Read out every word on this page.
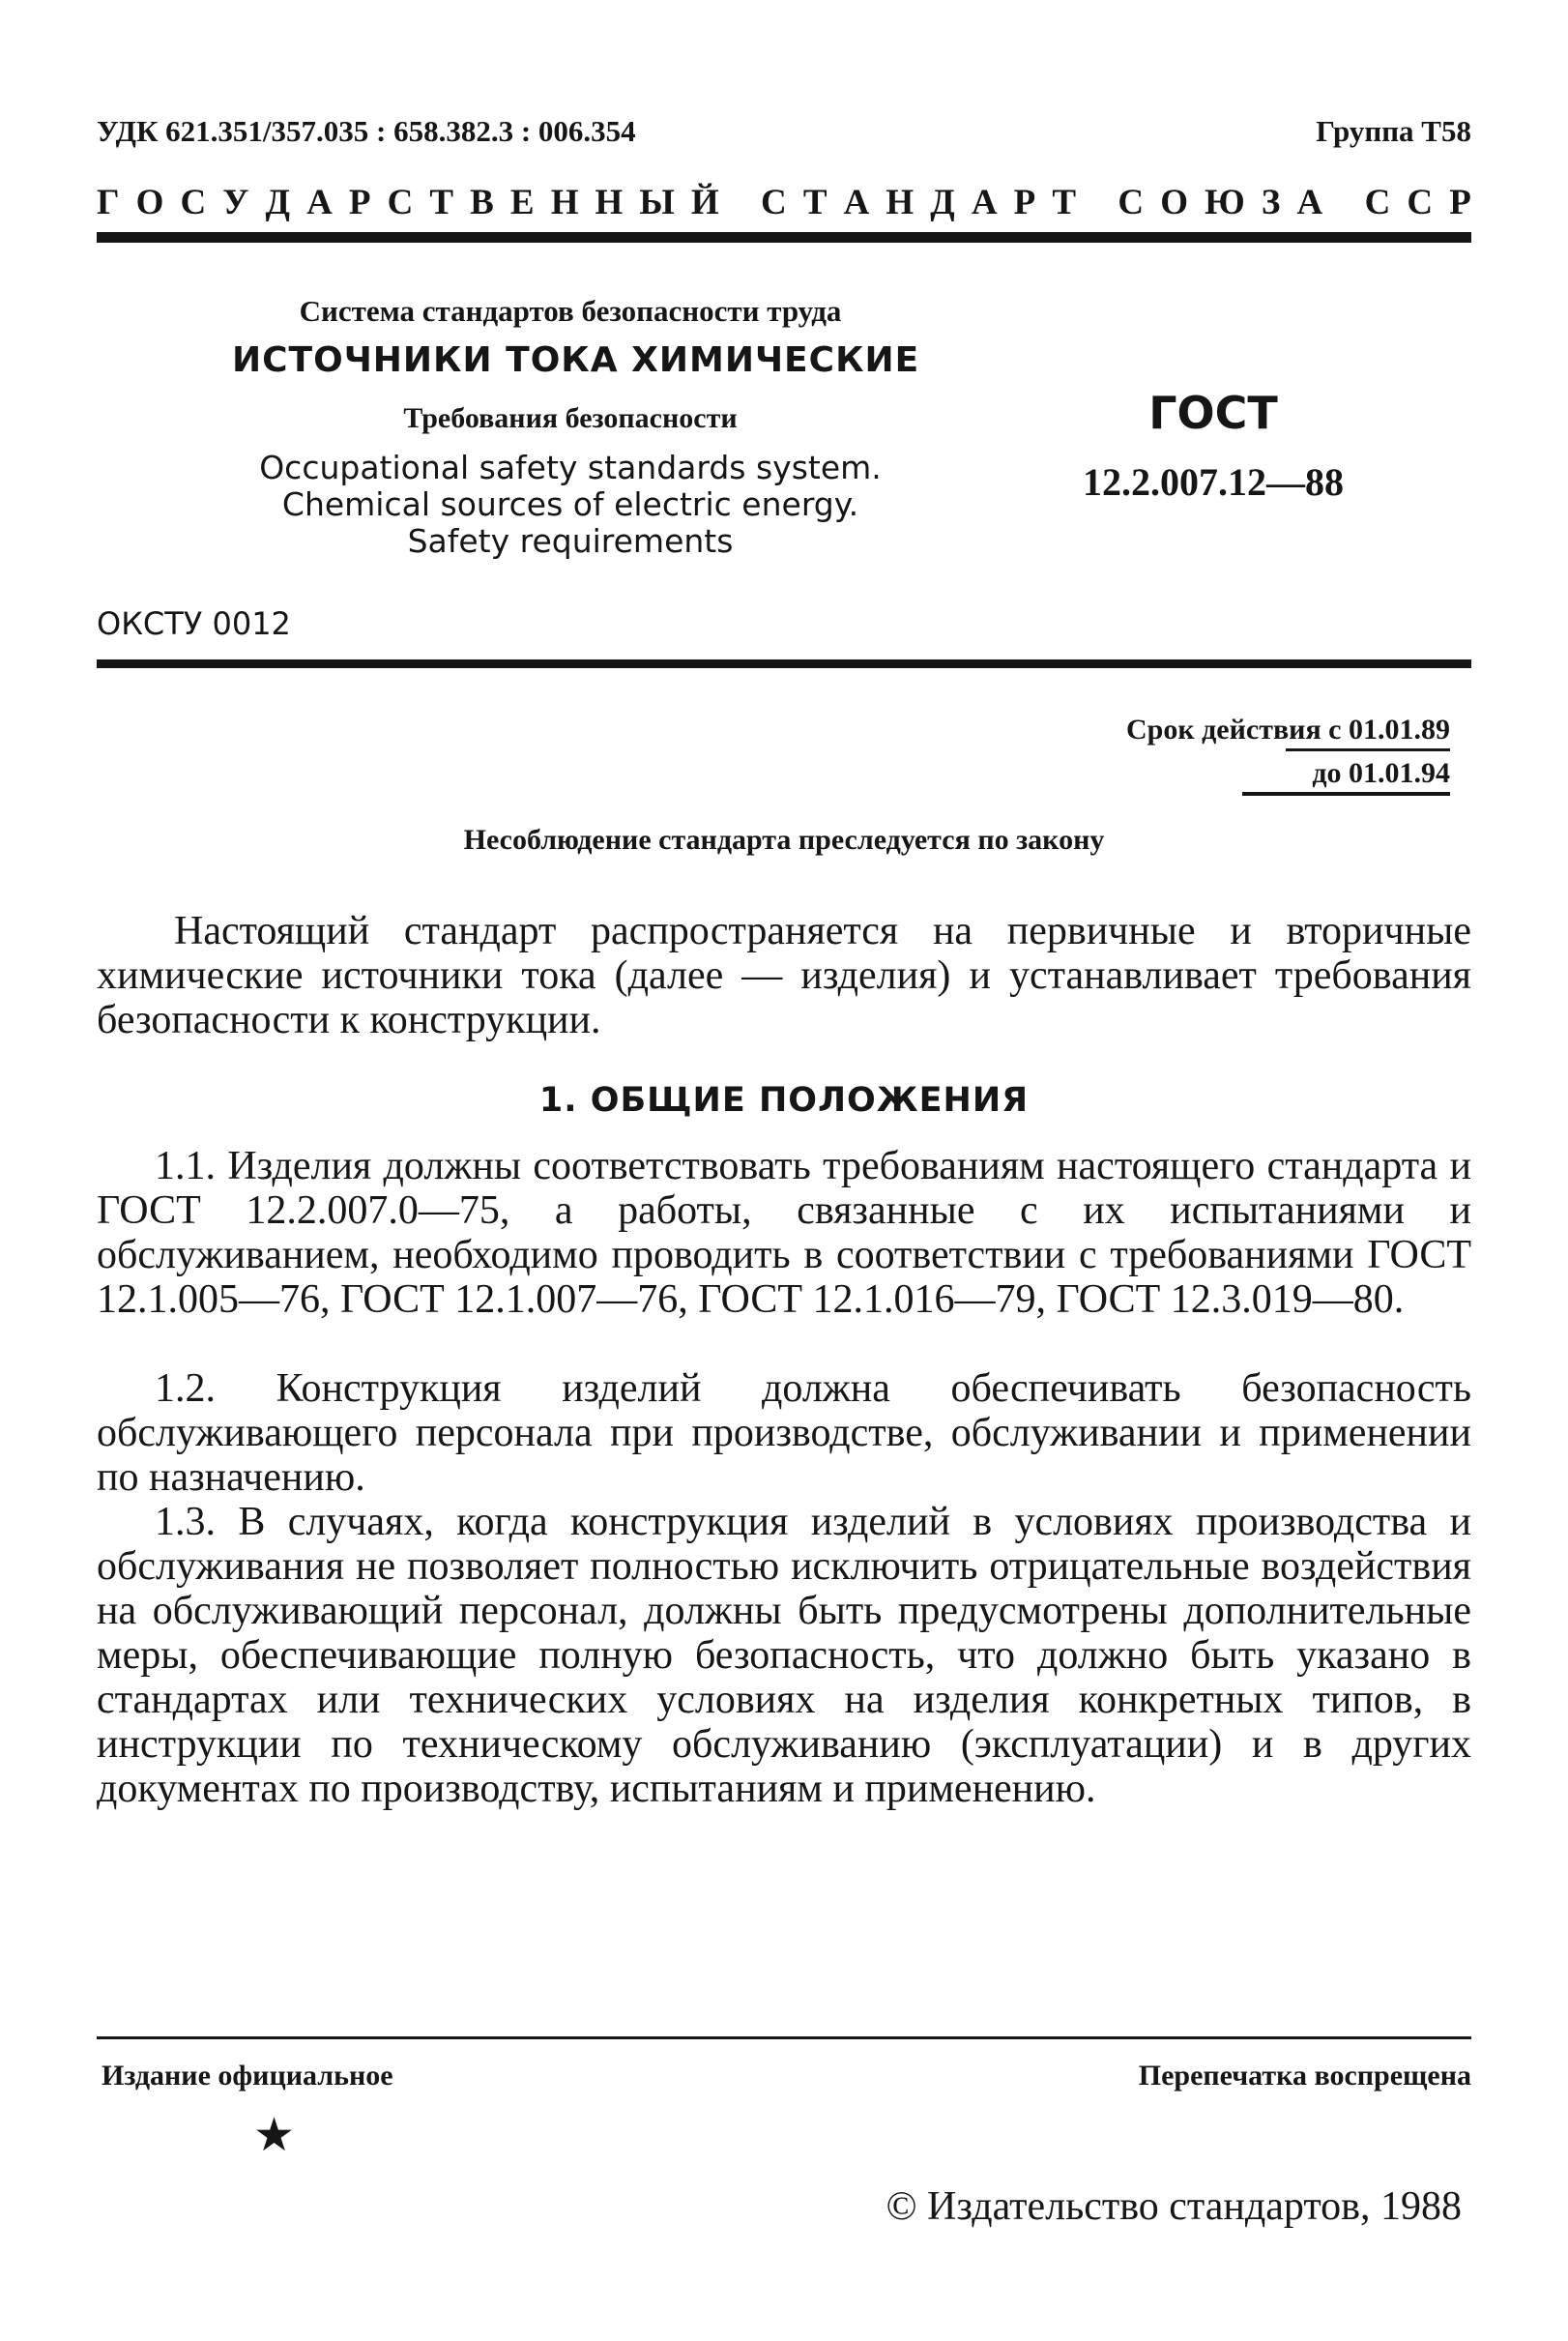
УДК 621.351/357.035 : 658.382.3 : 006.354	Группа Т58
Г О С У Д А Р С Т В Е Н Н Ы Й
С Т А Н Д А Р Т
С О Ю З А
С С Р
Система стандартов безопасности труда
ИСТОЧНИКИ ТОКА ХИМИЧЕСКИЕ
Требования безопасности
Occupational safety standards system.
Chemical sources of electric energy.
Safety requirements
ГОСТ
12.2.007.12—88
ОКСТУ 0012
Срок действия с 01.01.89
до 01.01.94
Несоблюдение стандарта преследуется по закону
Настоящий стандарт распространяется на первичные и вторичные химические источники тока (далее — изделия) и устанавливает требования безопасности к конструкции.
1. ОБЩИЕ ПОЛОЖЕНИЯ
1.1. Изделия должны соответствовать требованиям настоящего стандарта и ГОСТ 12.2.007.0—75, а работы, связанные с их испытаниями и обслуживанием, необходимо проводить в соответствии с требованиями ГОСТ 12.1.005—76, ГОСТ 12.1.007—76, ГОСТ 12.1.016—79, ГОСТ 12.3.019—80.
1.2. Конструкция изделий должна обеспечивать безопасность обслуживающего персонала при производстве, обслуживании и применении по назначению.
1.3. В случаях, когда конструкция изделий в условиях производства и обслуживания не позволяет полностью исключить отрицательные воздействия на обслуживающий персонал, должны быть предусмотрены дополнительные меры, обеспечивающие полную безопасность, что должно быть указано в стандартах или технических условиях на изделия конкретных типов, в инструкции по техническому обслуживанию (эксплуатации) и в других документах по производству, испытаниям и применению.
Издание официальное	Перепечатка воспрещена
★
© Издательство стандартов, 1988
